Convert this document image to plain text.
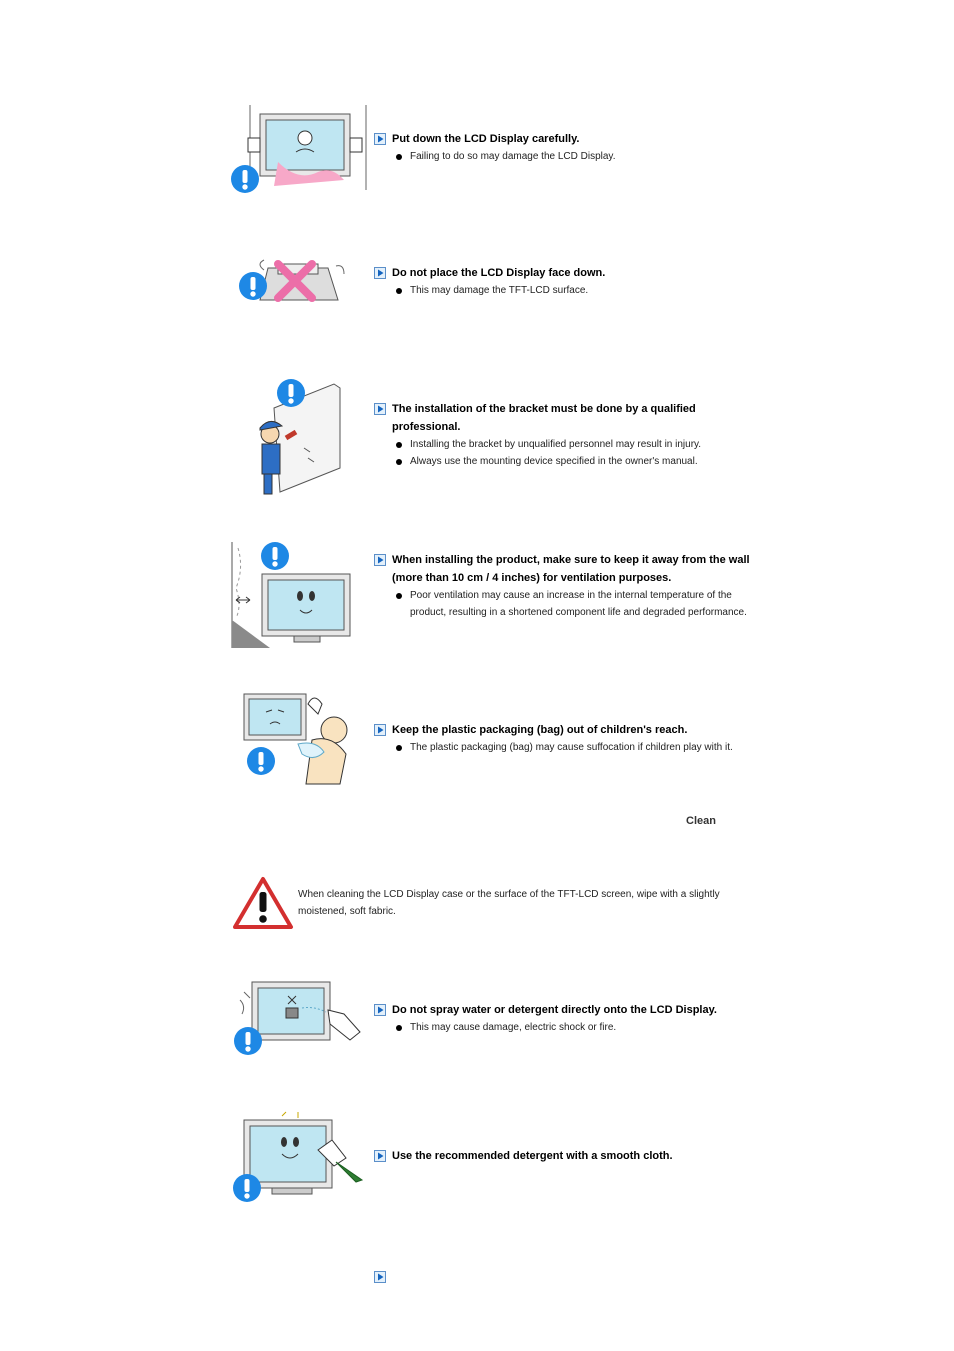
Put down the LCD Display carefully.
Failing to do so may damage the LCD Display.
Do not place the LCD Display face down.
This may damage the TFT-LCD surface.
The installation of the bracket must be done by a qualified professional.
Installing the bracket by unqualified personnel may result in injury.
Always use the mounting device specified in the owner's manual.
When installing the product, make sure to keep it away from the wall (more than 10 cm / 4 inches) for ventilation purposes.
Poor ventilation may cause an increase in the internal temperature of the product, resulting in a shortened component life and degraded performance.
Keep the plastic packaging (bag) out of children's reach.
The plastic packaging (bag) may cause suffocation if children play with it.
Clean
When cleaning the LCD Display case or the surface of the TFT-LCD screen, wipe with a slightly moistened, soft fabric.
Do not spray water or detergent directly onto the LCD Display.
This may cause damage, electric shock or fire.
Use the recommended detergent with a smooth cloth.
